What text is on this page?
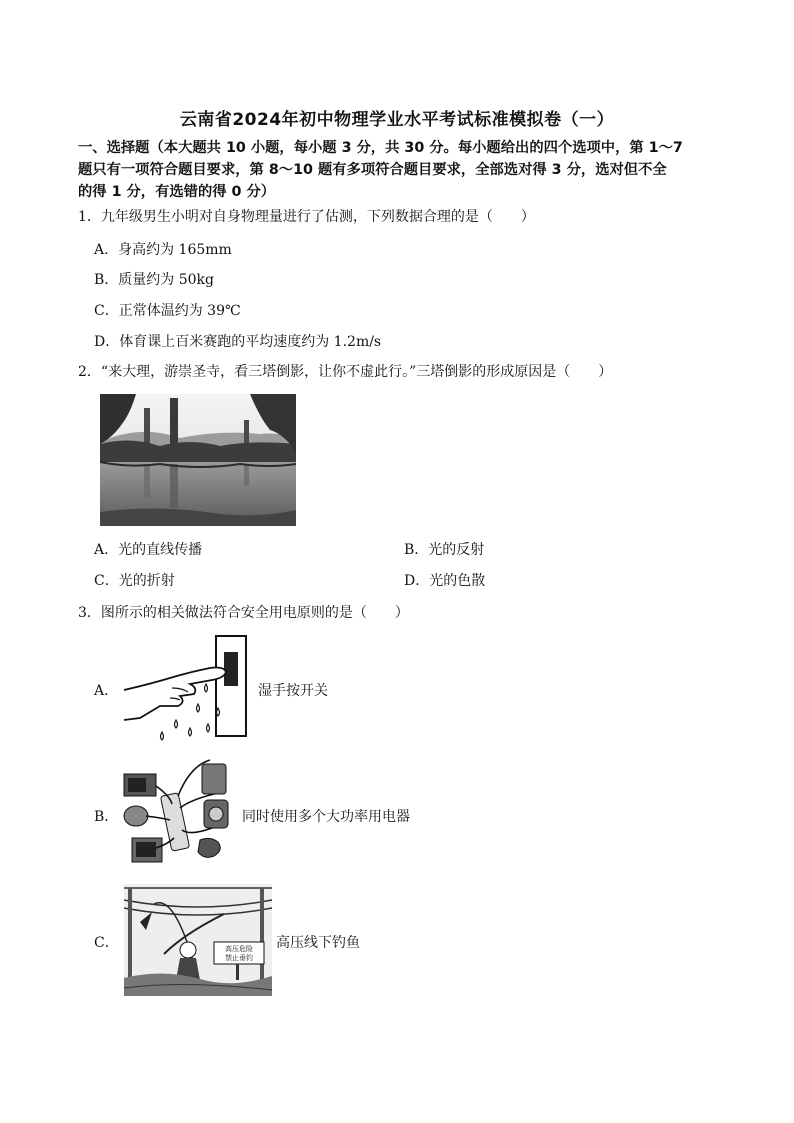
云南省2024年初中物理学业水平考试标准模拟卷（一）
一、选择题（本大题共 10 小题，每小题 3 分，共 30 分。每小题给出的四个选项中，第 1～7
题只有一项符合题目要求，第 8～10 题有多项符合题目要求，全部选对得 3 分，选对但不全
的得 1 分，有选错的得 0 分）
1．九年级男生小明对自身物理量进行了估测，下列数据合理的是（　　）
A．身高约为 165mm
B．质量约为 50kg
C．正常体温约为 39℃
D．体育课上百米赛跑的平均速度约为 1.2m/s
2．“来大理，游崇圣寺，看三塔倒影，让你不虚此行。”三塔倒影的形成原因是（　　）
A．光的直线传播	B．光的反射
C．光的折射	D．光的色散
3．图所示的相关做法符合安全用电原则的是（　　）
A．	湿手按开关
B．	同时使用多个大功率用电器
C．	高压危险
禁止垂钓
高压线下钓鱼
